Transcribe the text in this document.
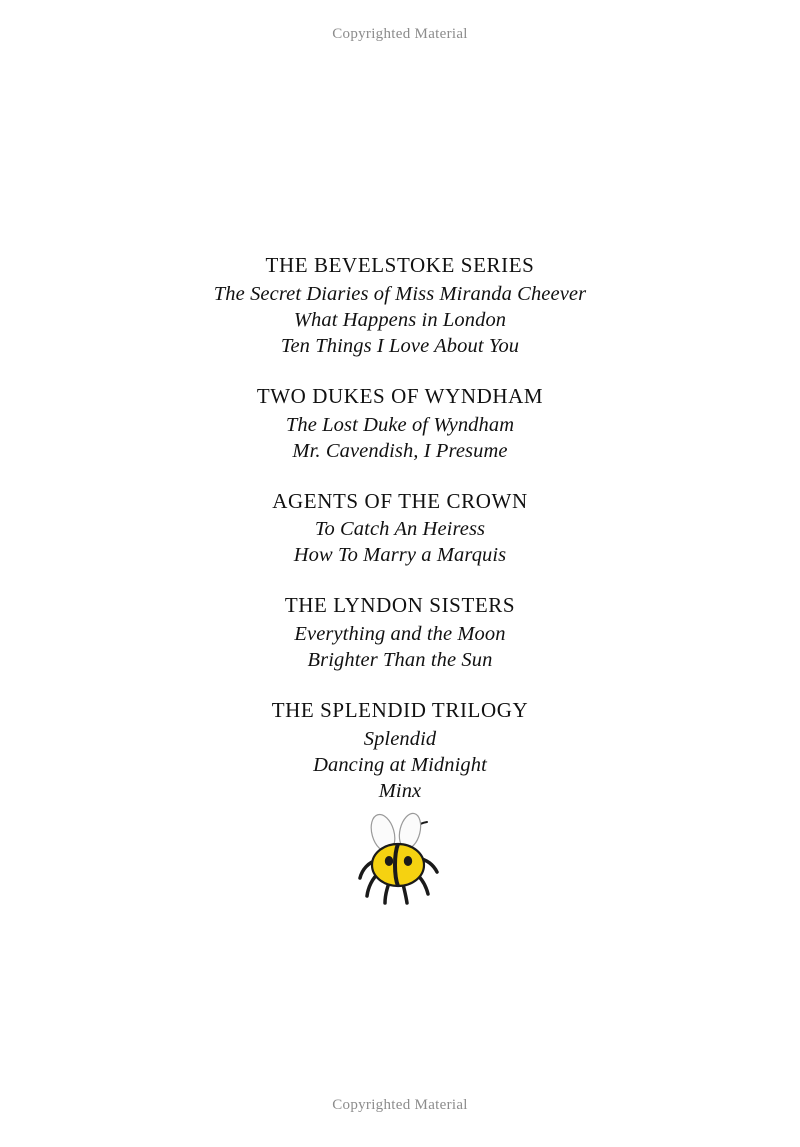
Copyrighted Material
THE BEVELSTOKE SERIES
The Secret Diaries of Miss Miranda Cheever
What Happens in London
Ten Things I Love About You
TWO DUKES OF WYNDHAM
The Lost Duke of Wyndham
Mr. Cavendish, I Presume
AGENTS OF THE CROWN
To Catch An Heiress
How To Marry a Marquis
THE LYNDON SISTERS
Everything and the Moon
Brighter Than the Sun
THE SPLENDID TRILOGY
Splendid
Dancing at Midnight
Minx
Copyrighted Material
